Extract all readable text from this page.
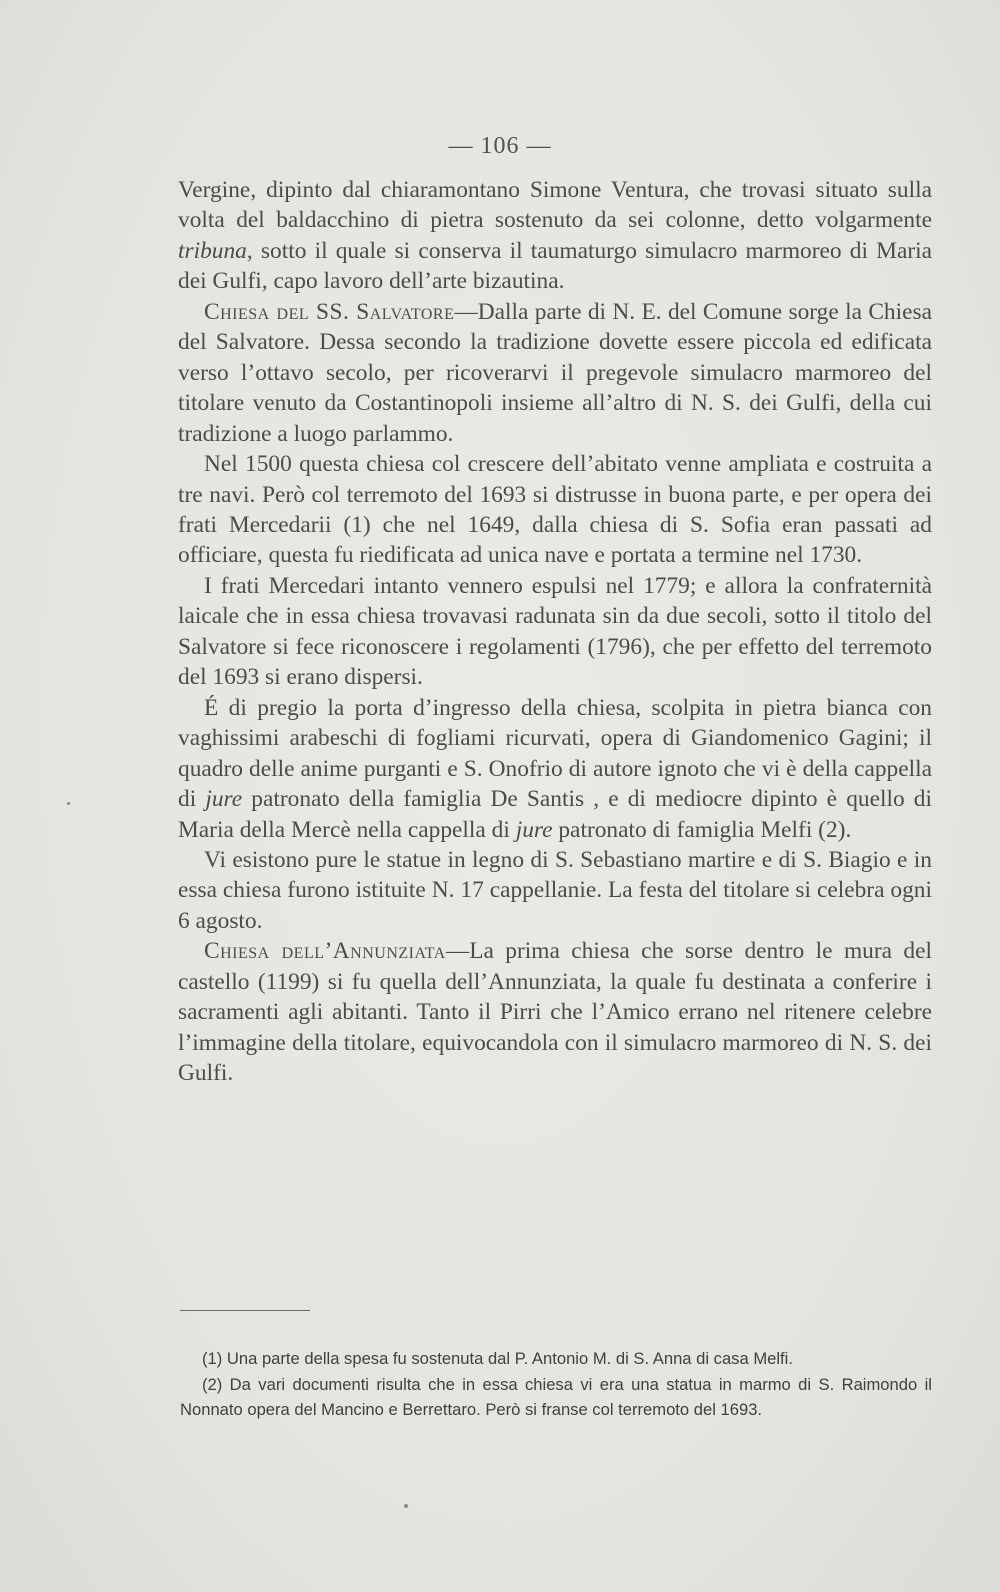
— 106 —

Vergine, dipinto dal chiaramontano Simone Ventura, che trovasi situato sulla volta del baldacchino di pietra sostenuto da sei colonne, detto volgarmente tribuna, sotto il quale si conserva il taumaturgo simulacro marmoreo di Maria dei Gulfi, capo lavoro dell’arte bizautina.

Chiesa del SS. Salvatore—Dalla parte di N. E. del Comune sorge la Chiesa del Salvatore. Dessa secondo la tradizione dovette essere piccola ed edificata verso l’ottavo secolo, per ricoverarvi il pregevole simulacro marmoreo del titolare venuto da Costantinopoli insieme all’altro di N. S. dei Gulfi, della cui tradizione a luogo parlammo.

Nel 1500 questa chiesa col crescere dell’abitato venne ampliata e costruita a tre navi. Però col terremoto del 1693 si distrusse in buona parte, e per opera dei frati Mercedarii (1) che nel 1649, dalla chiesa di S. Sofia eran passati ad officiare, questa fu riedificata ad unica nave e portata a termine nel 1730.

I frati Mercedari intanto vennero espulsi nel 1779; e allora la confraternità laicale che in essa chiesa trovavasi radunata sin da due secoli, sotto il titolo del Salvatore si fece riconoscere i regolamenti (1796), che per effetto del terremoto del 1693 si erano dispersi.

É di pregio la porta d’ingresso della chiesa, scolpita in pietra bianca con vaghissimi arabeschi di fogliami ricurvati, opera di Giandomenico Gagini; il quadro delle anime purganti e S. Onofrio di autore ignoto che vi è della cappella di jure patronato della famiglia De Santis , e di mediocre dipinto è quello di Maria della Mercè nella cappella di jure patronato di famiglia Melfi (2).

Vi esistono pure le statue in legno di S. Sebastiano martire e di S. Biagio e in essa chiesa furono istituite N. 17 cappellanie. La festa del titolare si celebra ogni 6 agosto.

Chiesa dell’Annunziata—La prima chiesa che sorse dentro le mura del castello (1199) si fu quella dell’Annunziata, la quale fu destinata a conferire i sacramenti agli abitanti. Tanto il Pirri che l’Amico errano nel ritenere celebre l’immagine della titolare, equivocandola con il simulacro marmoreo di N. S. dei Gulfi.

(1) Una parte della spesa fu sostenuta dal P. Antonio M. di S. Anna di casa Melfi.

(2) Da vari documenti risulta che in essa chiesa vi era una statua in marmo di S. Raimondo il Nonnato opera del Mancino e Berrettaro. Però si franse col terremoto del 1693.
